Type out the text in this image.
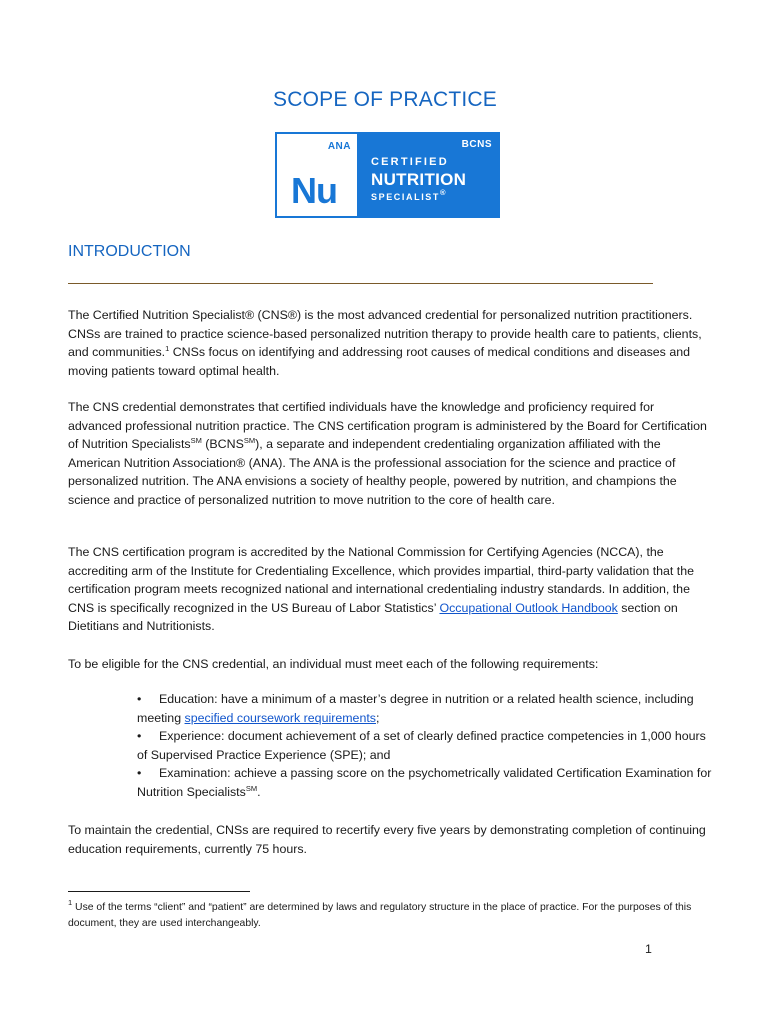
SCOPE OF PRACTICE
ANA
Nu
BCNS
CERTIFIED
NUTRITION
SPECIALIST®
INTRODUCTION

The Certified Nutrition Specialist® (CNS®) is the most advanced credential for personalized nutrition practitioners. CNSs are trained to practice science-based personalized nutrition therapy to provide health care to patients, clients, and communities.$^1$ CNSs focus on identifying and addressing root causes of medical conditions and diseases and moving patients toward optimal health.

The CNS credential demonstrates that certified individuals have the knowledge and proficiency required for advanced professional nutrition practice. The CNS certification program is administered by the Board for Certification of Nutrition Specialists℠ (BCNS℠), a separate and independent credentialing organization affiliated with the American Nutrition Association® (ANA). The ANA is the professional association for the science and practice of personalized nutrition. The ANA envisions a society of healthy people, powered by nutrition, and champions the science and practice of personalized nutrition to move nutrition to the core of health care.

The CNS certification program is accredited by the National Commission for Certifying Agencies (NCCA), the accrediting arm of the Institute for Credentialing Excellence, which provides impartial, third-party validation that the certification program meets recognized national and international credentialing industry standards. In addition, the CNS is specifically recognized in the US Bureau of Labor Statistics’ Occupational Outlook Handbook section on Dietitians and Nutritionists.

To be eligible for the CNS credential, an individual must meet each of the following requirements:

• Education: have a minimum of a master’s degree in nutrition or a related health science, including meeting specified coursework requirements;
• Experience: document achievement of a set of clearly defined practice competencies in 1,000 hours of Supervised Practice Experience (SPE); and
• Examination: achieve a passing score on the psychometrically validated Certification Examination for Nutrition Specialists℠.

To maintain the credential, CNSs are required to recertify every five years by demonstrating completion of continuing education requirements, currently 75 hours.

$^1$ Use of the terms “client” and “patient” are determined by laws and regulatory structure in the place of practice. For the purposes of this document, they are used interchangeably.

1
